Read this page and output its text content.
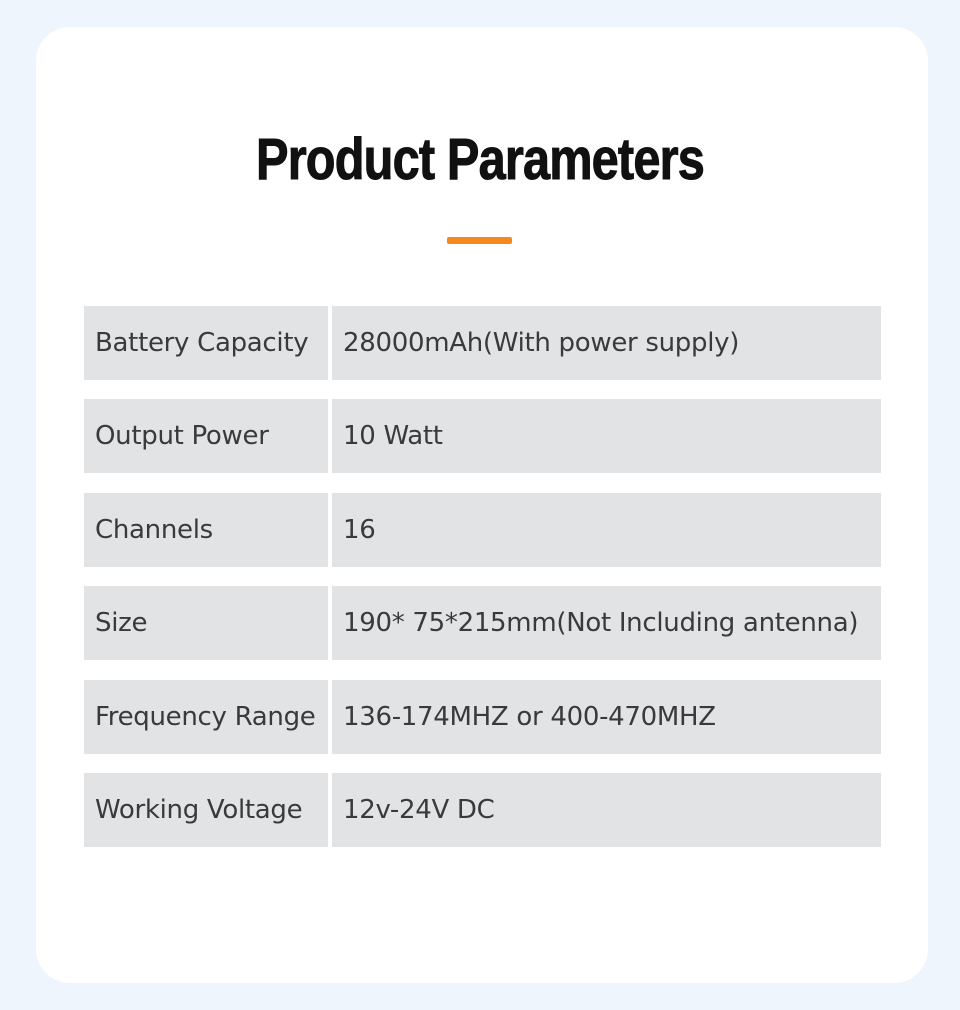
Product Parameters
Battery Capacity 28000mAh(With power supply)
Output Power	10 Watt
Channels	16
Size	190* 75*215mm(Not Including antenna)
Frequency Range 136-174MHZ or 400-470MHZ
Working Voltage 12v-24V DC
